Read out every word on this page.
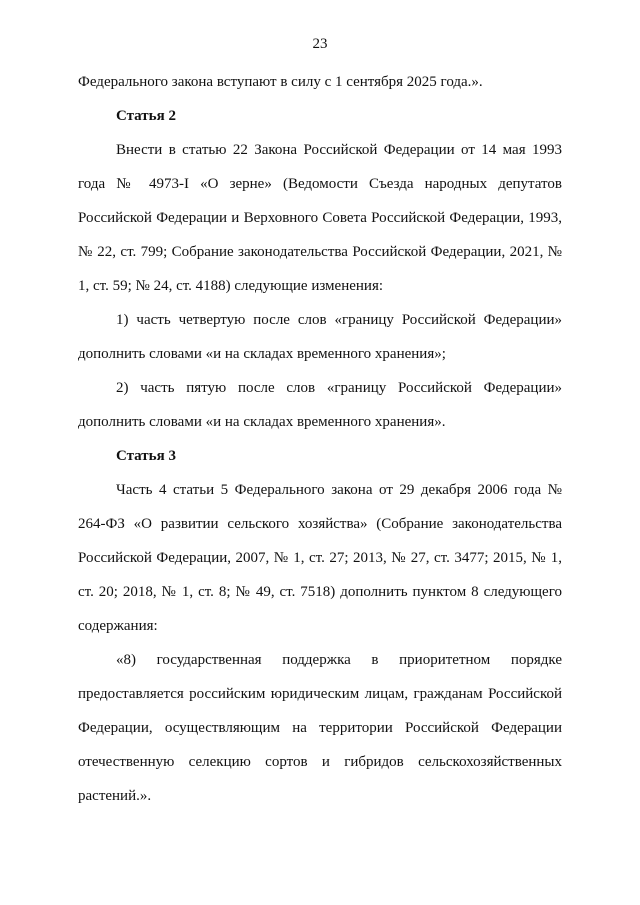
23

Федерального закона вступают в силу с 1 сентября 2025 года.».

Статья 2

Внести в статью 22 Закона Российской Федерации от 14 мая 1993 года № 4973-I «О зерне» (Ведомости Съезда народных депутатов Российской Федерации и Верховного Совета Российской Федерации, 1993, № 22, ст. 799; Собрание законодательства Российской Федерации, 2021, № 1, ст. 59; № 24, ст. 4188) следующие изменения:

1) часть четвертую после слов «границу Российской Федерации» дополнить словами «и на складах временного хранения»;

2) часть пятую после слов «границу Российской Федерации» дополнить словами «и на складах временного хранения».

Статья 3

Часть 4 статьи 5 Федерального закона от 29 декабря 2006 года № 264-ФЗ «О развитии сельского хозяйства» (Собрание законодательства Российской Федерации, 2007, № 1, ст. 27; 2013, № 27, ст. 3477; 2015, № 1, ст. 20; 2018, № 1, ст. 8; № 49, ст. 7518) дополнить пунктом 8 следующего содержания:

«8) государственная поддержка в приоритетном порядке предоставляется российским юридическим лицам, гражданам Российской Федерации, осуществляющим на территории Российской Федерации отечественную селекцию сортов и гибридов сельскохозяйственных растений.».
